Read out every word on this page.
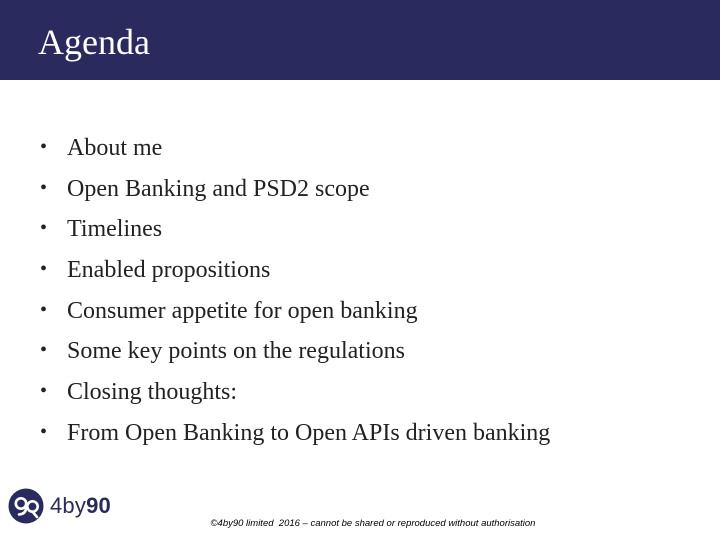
Agenda
• About me
• Open Banking and PSD2 scope
• Timelines
• Enabled propositions
• Consumer appetite for open banking
• Some key points on the regulations
• Closing thoughts:
• From Open Banking to Open APIs driven banking
4by90
©4by90 limited  2016 – cannot be shared or reproduced without authorisation
